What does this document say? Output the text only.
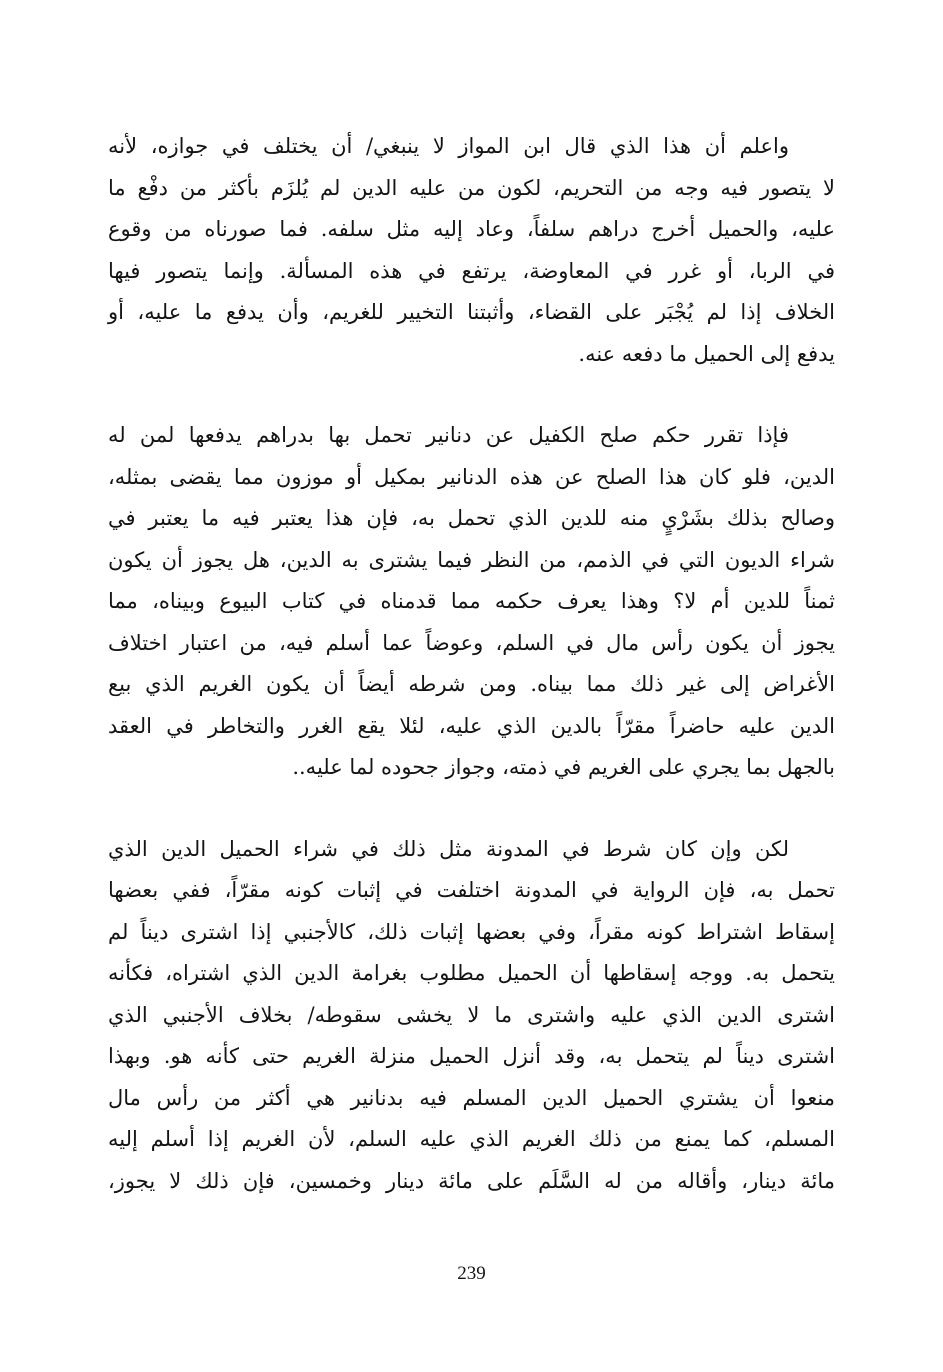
واعلم أن هذا الذي قال ابن المواز لا ينبغي/ أن يختلف في جوازه، لأنه
لا يتصور فيه وجه من التحريم، لكون من عليه الدين لم يُلزَم بأكثر من دفْع ما
عليه، والحميل أخرج دراهم سلفاً، وعاد إليه مثل سلفه. فما صورناه من وقوع
في الربا، أو غرر في المعاوضة، يرتفع في هذه المسألة. وإنما يتصور فيها
الخلاف إذا لم يُجْبَر على القضاء، وأثبتنا التخيير للغريم، وأن يدفع ما عليه، أو
يدفع إلى الحميل ما دفعه عنه.
فإذا تقرر حكم صلح الكفيل عن دنانير تحمل بها بدراهم يدفعها لمن له
الدين، فلو كان هذا الصلح عن هذه الدنانير بمكيل أو موزون مما يقضى بمثله،
وصالح بذلك بشَرْيٍ منه للدين الذي تحمل به، فإن هذا يعتبر فيه ما يعتبر في
شراء الديون التي في الذمم، من النظر فيما يشترى به الدين، هل يجوز أن يكون
ثمناً للدين أم لا؟ وهذا يعرف حكمه مما قدمناه في كتاب البيوع وبيناه، مما
يجوز أن يكون رأس مال في السلم، وعوضاً عما أسلم فيه، من اعتبار اختلاف
الأغراض إلى غير ذلك مما بيناه. ومن شرطه أيضاً أن يكون الغريم الذي بيع
الدين عليه حاضراً مقرّاً بالدين الذي عليه، لئلا يقع الغرر والتخاطر في العقد
بالجهل بما يجري على الغريم في ذمته، وجواز جحوده لما عليه..
لكن وإن كان شرط في المدونة مثل ذلك في شراء الحميل الدين الذي
تحمل به، فإن الرواية في المدونة اختلفت في إثبات كونه مقرّاً، ففي بعضها
إسقاط اشتراط كونه مقراً، وفي بعضها إثبات ذلك، كالأجنبي إذا اشترى ديناً لم
يتحمل به. ووجه إسقاطها أن الحميل مطلوب بغرامة الدين الذي اشتراه، فكأنه
اشترى الدين الذي عليه واشترى ما لا يخشى سقوطه/ بخلاف الأجنبي الذي
اشترى ديناً لم يتحمل به، وقد أنزل الحميل منزلة الغريم حتى كأنه هو. وبهذا
منعوا أن يشتري الحميل الدين المسلم فيه بدنانير هي أكثر من رأس مال
المسلم، كما يمنع من ذلك الغريم الذي عليه السلم، لأن الغريم إذا أسلم إليه
مائة دينار، وأقاله من له السَّلَم على مائة دينار وخمسين، فإن ذلك لا يجوز،
239
